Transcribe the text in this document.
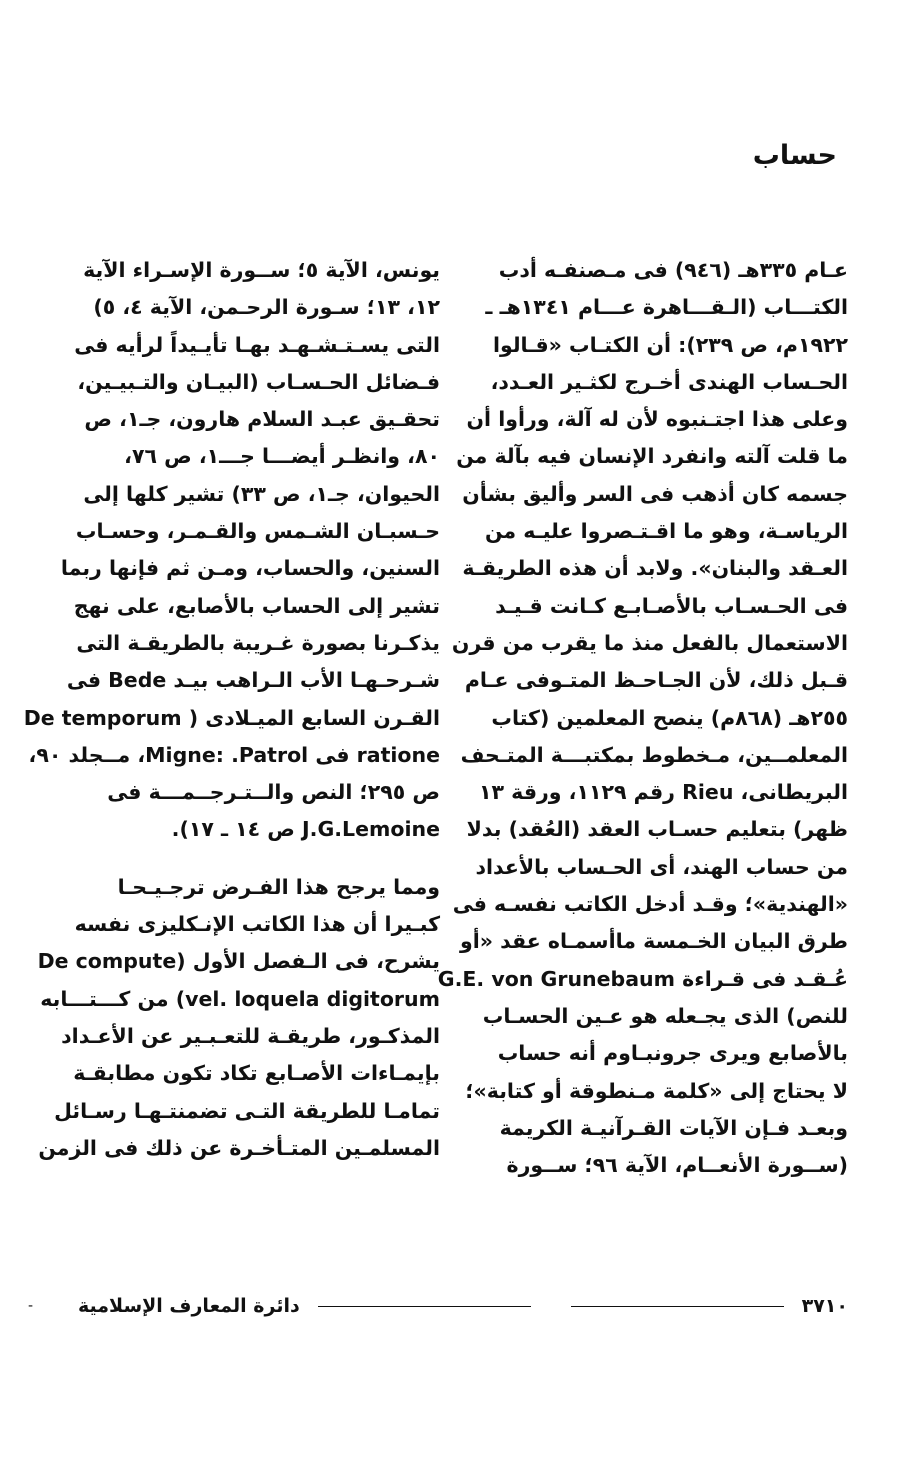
حساب
عـام ٣٣٥هـ (٩٤٦) فى مـصنفـه أدب
الكتـــاب (الـقـــاهرة عـــام ١٣٤١هـ ـ
١٩٢٢م، ص ٢٣٩): أن الكتـاب «قـالوا
الحـساب الهندى أخـرج لكثـير العـدد،
وعلى هذا اجتـنبوه لأن له آلة، ورأوا أن
ما قلت آلته وانفرد الإنسان فيه بآلة من
جسمه كان أذهب فى السر وأليق بشأن
الرياسـة، وهو ما اقـتـصروا عليـه من
العـقد والبنان». ولابد أن هذه الطريقـة
فى الحـسـاب بالأصـابـع كـانت قـيـد
الاستعمال بالفعل منذ ما يقرب من قرن
قـبل ذلك، لأن الجـاحـظ المتـوفى عـام
٢٥٥هـ (٨٦٨م) ينصح المعلمين (كتاب
المعلمــين، مـخطوط بمكتبـــة المتـحف
البريطانى، Rieu رقم ١١٢٩، ورقة ١٣
ظهر) بتعليم حسـاب العقد (العُقد) بدلا
من حساب الهند، أى الحـساب بالأعداد
«الهندية»؛ وقـد أدخل الكاتب نفسـه فى
طرق البيان الخـمسة ماأسمـاه عقد «أو
عُـقـد فى قـراءة G.E. von Grunebaum
للنص) الذى يجـعله هو عـين الحسـاب
بالأصابع ويرى جرونبـاوم أنه حساب
لا يحتاج إلى «كلمة مـنطوقة أو كتابة»؛
وبعـد فـإن الآيات القـرآنيـة الكريمة
(ســورة الأنعــام، الآية ٩٦؛ ســورة
يونس، الآية ٥؛ ســورة الإسـراء الآية
١٢، ١٣؛ سـورة الرحـمن، الآية ٤، ٥)
التى يسـتـشـهـد بهـا تأيـيداً لرأيه فى
فـضائل الحـسـاب (البيـان والتـبيـين،
تحقـيق عبـد السلام هارون، جـ١، ص
٨٠، وانظـر أيضـــا جـــ١، ص ٧٦،
الحيوان، جـ١، ص ٣٣) تشير كلها إلى
حـسبـان الشـمس والقـمـر، وحسـاب
السنين، والحساب، ومـن ثم فإنها ربما
تشير إلى الحساب بالأصابع، على نهج
يذكـرنا بصورة غـريبة بالطريقـة التى
شـرحـهـا الأب الـراهب بيـد Bede فى
القـرن السابع الميـلادى ( De temporum
ratione فى Migne: .Patrol، مــجلد ٩٠،
ص ٢٩٥؛ النص والــتـرجــمـــة فى
J.G.Lemoine ص ١٤ ـ ١٧).
ومما يرجح هذا الفـرض ترجـيـحـا
كبـيرا أن هذا الكاتب الإنـكليزى نفسه
يشرح، فى الـفصل الأول (De compute
vel. loquela digitorum) من كـــتـــابه
المذكـور، طريقـة للتعـبـير عن الأعـداد
بإيمـاءات الأصـابع تكاد تكون مطابقـة
تمامـا للطريقة التـى تضمنتـهـا رسـائل
المسلمـين المتـأخـرة عن ذلك فى الزمن
دائرة المعارف الإسلامية	٣٧١٠
-
